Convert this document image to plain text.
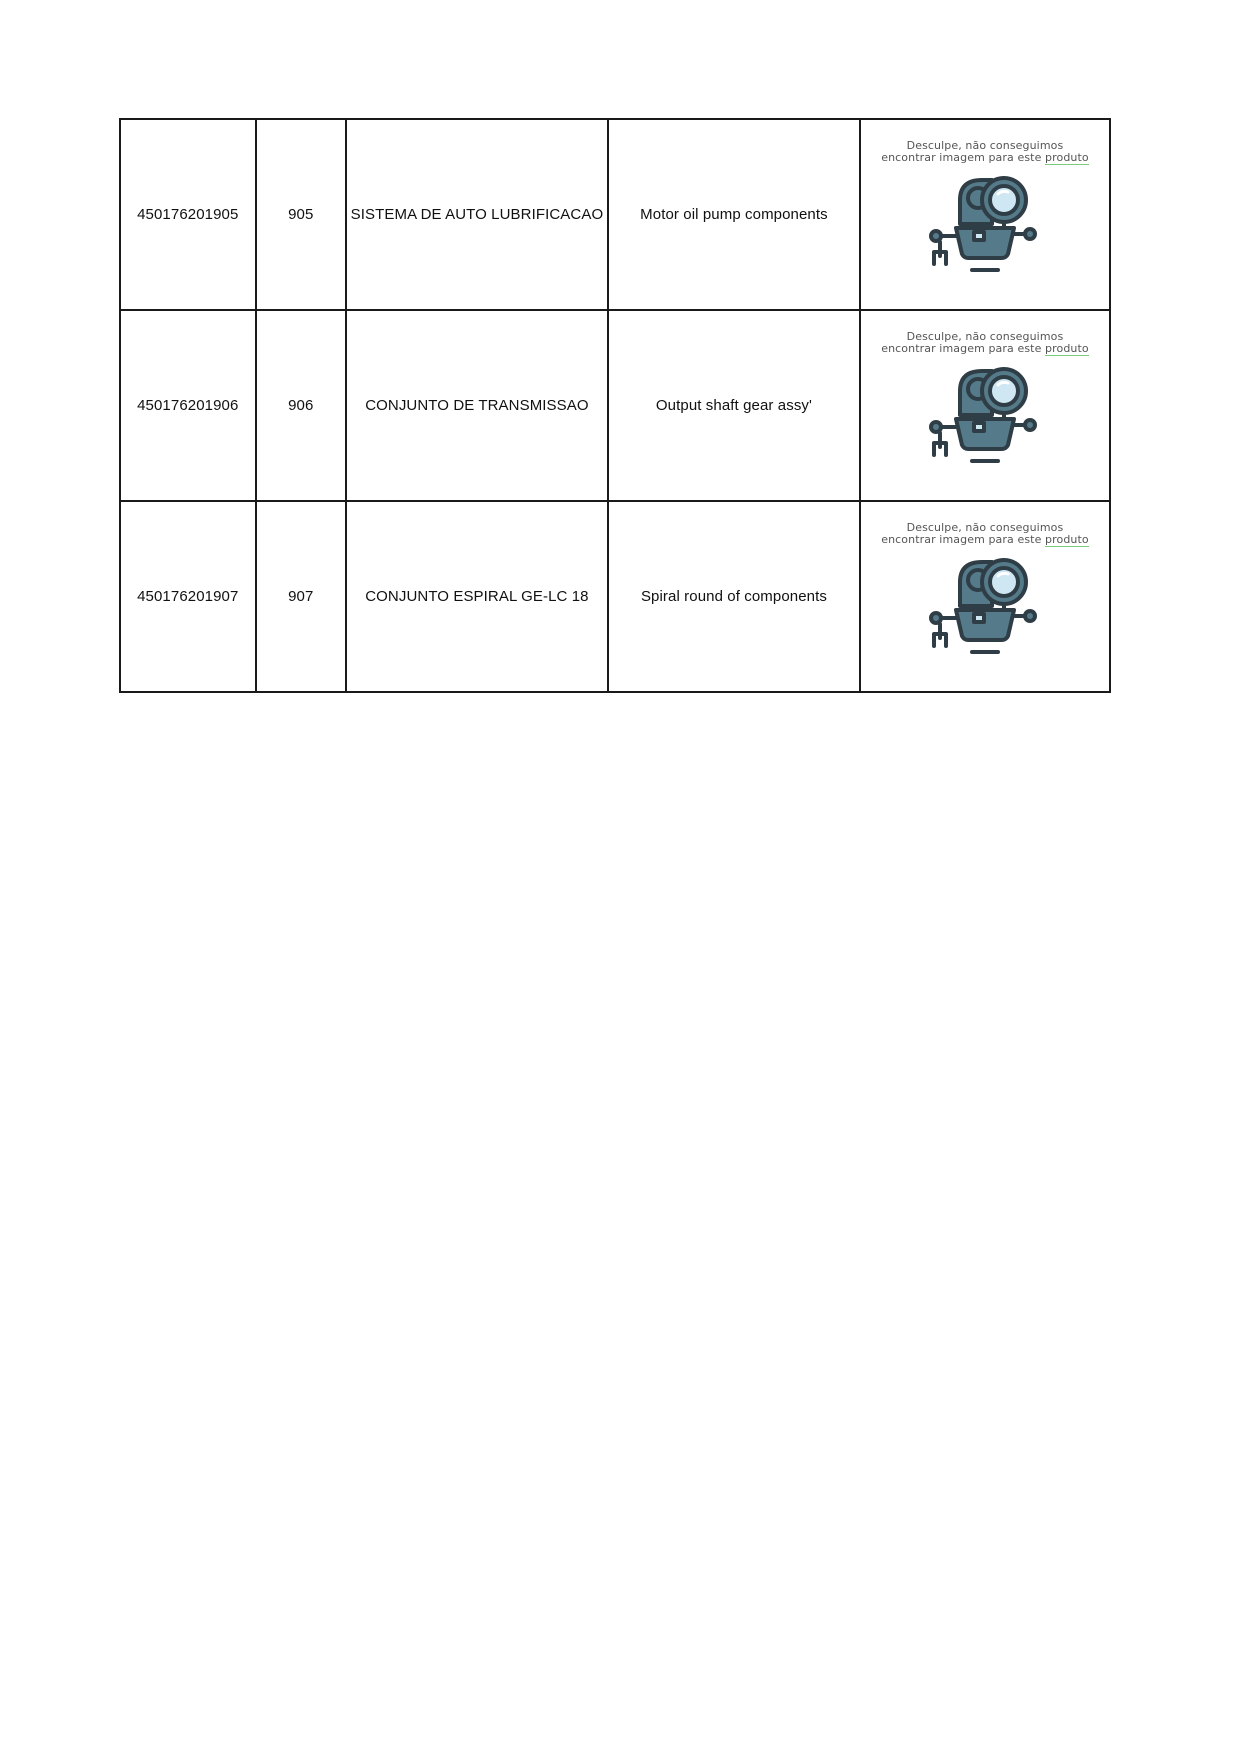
450176201905	905	SISTEMA DE AUTO LUBRIFICACAO	Motor oil pump components	Desculpe, não conseguimos
encontrar imagem para este produto

450176201906	906	CONJUNTO DE TRANSMISSAO	Output shaft gear assy'	Desculpe, não conseguimos
encontrar imagem para este produto

450176201907	907	CONJUNTO ESPIRAL GE-LC 18	Spiral round of components	Desculpe, não conseguimos
encontrar imagem para este produto
